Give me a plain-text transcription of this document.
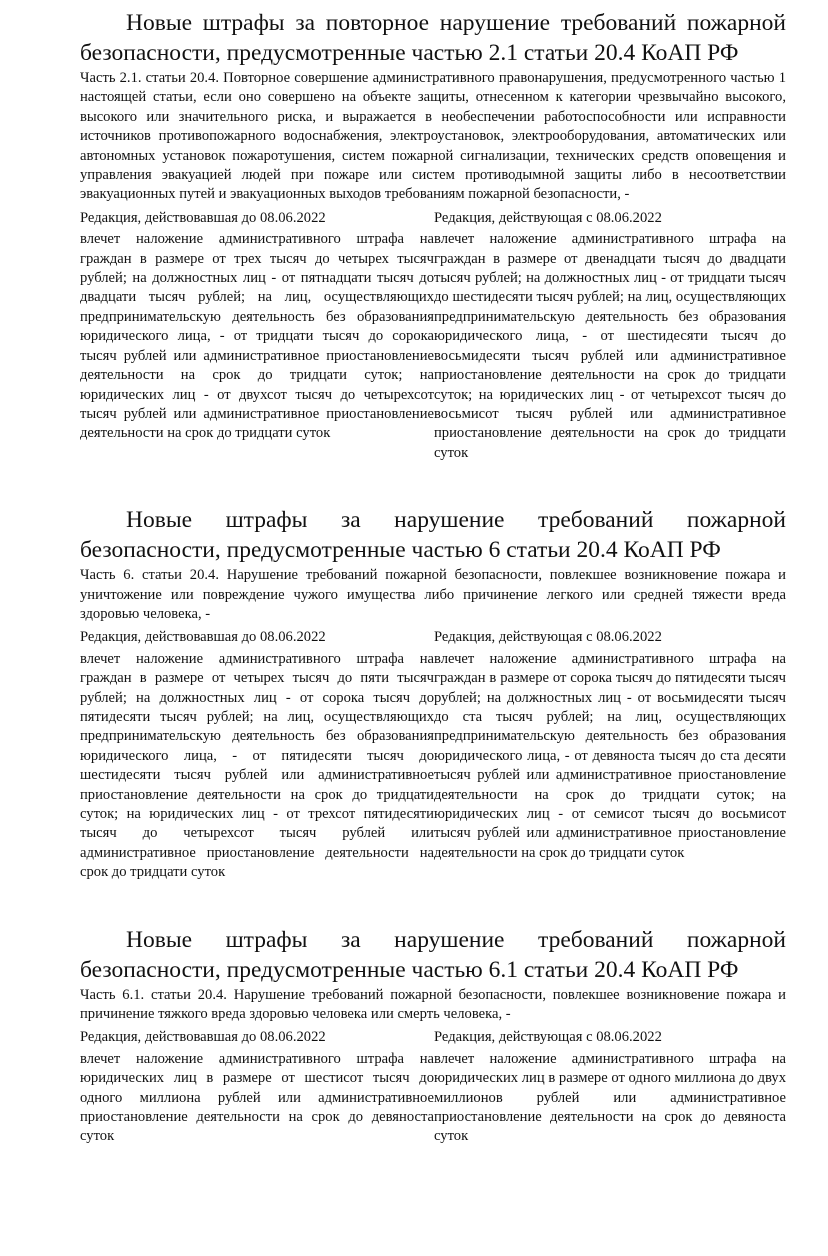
Новые штрафы за повторное нарушение требований пожарной безопасности, предусмотренные частью 2.1 статьи 20.4 КоАП РФ

Часть 2.1. статьи 20.4. Повторное совершение административного правонарушения, предусмотренного частью 1 настоящей статьи, если оно совершено на объекте защиты, отнесенном к категории чрезвычайно высокого, высокого или значительного риска, и выражается в необеспечении работоспособности или исправности источников противопожарного водоснабжения, электроустановок, электрооборудования, автоматических или автономных установок пожаротушения, систем пожарной сигнализации, технических средств оповещения и управления эвакуацией людей при пожаре или систем противодымной защиты либо в несоответствии эвакуационных путей и эвакуационных выходов требованиям пожарной безопасности, -

Редакция, действовавшая до 08.06.2022

влечет наложение административного штрафа на граждан в размере от трех тысяч до четырех тысяч рублей; на должностных лиц - от пятнадцати тысяч до двадцати тысяч рублей; на лиц, осуществляющих предпринимательскую деятельность без образования юридического лица, - от тридцати тысяч до сорока тысяч рублей или административное приостановление деятельности на срок до тридцати суток; на юридических лиц - от двухсот тысяч до четырехсот тысяч рублей или административное приостановление деятельности на срок до тридцати суток

Редакция, действующая с 08.06.2022

влечет наложение административного штрафа на граждан в размере от двенадцати тысяч до двадцати тысяч рублей; на должностных лиц - от тридцати тысяч до шестидесяти тысяч рублей; на лиц, осуществляющих предпринимательскую деятельность без образования юридического лица, - от шестидесяти тысяч до восьмидесяти тысяч рублей или административное приостановление деятельности на срок до тридцати суток; на юридических лиц - от четырехсот тысяч до восьмисот тысяч рублей или административное приостановление деятельности на срок до тридцати суток

Новые штрафы за нарушение требований пожарной безопасности, предусмотренные частью 6 статьи 20.4 КоАП РФ

Часть 6. статьи 20.4. Нарушение требований пожарной безопасности, повлекшее возникновение пожара и уничтожение или повреждение чужого имущества либо причинение легкого или средней тяжести вреда здоровью человека, -

Редакция, действовавшая до 08.06.2022

влечет наложение административного штрафа на граждан в размере от четырех тысяч до пяти тысяч рублей; на должностных лиц - от сорока тысяч до пятидесяти тысяч рублей; на лиц, осуществляющих предпринимательскую деятельность без образования юридического лица, - от пятидесяти тысяч до шестидесяти тысяч рублей или административное приостановление деятельности на срок до тридцати суток; на юридических лиц - от трехсот пятидесяти тысяч до четырехсот тысяч рублей или административное приостановление деятельности на срок до тридцати суток

Редакция, действующая с 08.06.2022

влечет наложение административного штрафа на граждан в размере от сорока тысяч до пятидесяти тысяч рублей; на должностных лиц - от восьмидесяти тысяч до ста тысяч рублей; на лиц, осуществляющих предпринимательскую деятельность без образования юридического лица, - от девяноста тысяч до ста десяти тысяч рублей или административное приостановление деятельности на срок до тридцати суток; на юридических лиц - от семисот тысяч до восьмисот тысяч рублей или административное приостановление деятельности на срок до тридцати суток

Новые штрафы за нарушение требований пожарной безопасности, предусмотренные частью 6.1 статьи 20.4 КоАП РФ

Часть 6.1. статьи 20.4. Нарушение требований пожарной безопасности, повлекшее возникновение пожара и причинение тяжкого вреда здоровью человека или смерть человека, -

Редакция, действовавшая до 08.06.2022

влечет наложение административного штрафа на юридических лиц в размере от шестисот тысяч до одного миллиона рублей или административное приостановление деятельности на срок до девяноста суток

Редакция, действующая с 08.06.2022

влечет наложение административного штрафа на юридических лиц в размере от одного миллиона до двух миллионов рублей или административное приостановление деятельности на срок до девяноста суток
